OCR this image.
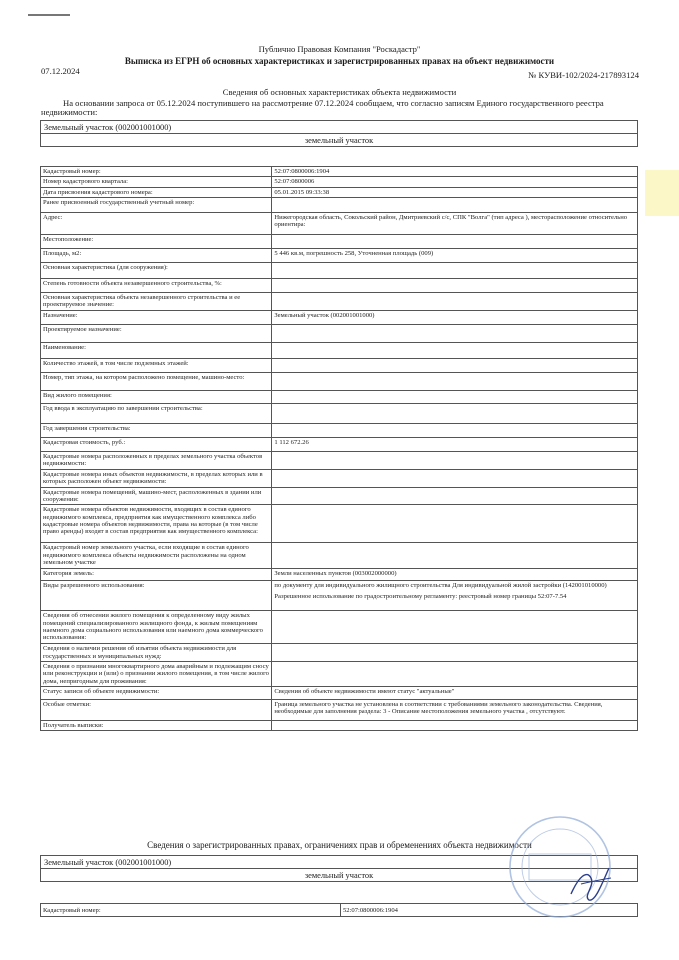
Публично Правовая Компания "Роскадастр"
Выписка из ЕГРН об основных характеристиках и зарегистрированных правах на объект недвижимости
07.12.2024	№ КУВИ-102/2024-217893124
Сведения об основных характеристиках объекта недвижимости
На основании запроса от 05.12.2024 поступившего на рассмотрение 07.12.2024 сообщаем, что согласно записям Единого государственного реестра недвижимости:
Земельный участок (002001001000)
земельный участок
Кадастровый номер:	52:07:0800006:1904
Номер кадастрового квартала:	52:07:0800006
Дата присвоения кадастрового номера:	05.01.2015 09:33:38
Ранее присвоенный государственный учетный номер:	
Адрес:	Нижегородская область, Сокольский район, Дмитриевский с/с, СПК "Волга" (тип адреса ), месторасположение относительно ориентира:
Местоположение:	
Площадь, м2:	5 446 кв.м, погрешность 258, Уточненная площадь (009)
Основная характеристика (для сооружения):	
Степень готовности объекта незавершенного строительства, %:	
Основная характеристика объекта незавершенного строительства и ее проектируемое значение:	
Назначение:	Земельный участок (002001001000)
Проектируемое назначение:	
Наименование:	
Количество этажей, в том числе подземных этажей:	
Номер, тип этажа, на котором расположено помещение, машино-место:	
Вид жилого помещения:	
Год ввода в эксплуатацию по завершении строительства:	
Год завершения строительства:	
Кадастровая стоимость, руб.:	1 112 672.26
Кадастровые номера расположенных в пределах земельного участка объектов недвижимости:	
Кадастровые номера иных объектов недвижимости, в пределах которых или в которых расположен объект недвижимости:	
Кадастровые номера помещений, машино-мест, расположенных в здании или сооружении:	
Кадастровые номера объектов недвижимости, входящих в состав единого недвижимого комплекса, предприятия как имущественного комплекса либо кадастровые номера объектов недвижимости, права на которые (в том числе право аренды) входят в состав предприятия как имущественного комплекса:	
Кадастровый номер земельного участка, если входящие в состав единого недвижимого комплекса объекты недвижимости расположены на одном земельном участке	
Категория земель:	Земли населенных пунктов (003002000000)
Виды разрешенного использования:	по документу для индивидуального жилищного строительства Для индивидуальной жилой застройки (142001010000)
Разрешенное использование по градостроительному регламенту: реестровый номер границы 52:07-7.54

Сведения об отнесении жилого помещения к определенному виду жилых помещений специализированного жилищного фонда, к жилым помещениям наемного дома социального использования или наемного дома коммерческого использования:	
Сведения о наличии решения об изъятии объекта недвижимости для государственных и муниципальных нужд:	
Сведения о признании многоквартирного дома аварийным и подлежащим сносу или реконструкции и (или) о признании жилого помещения, в том числе жилого дома, непригодным для проживания:	
Статус записи об объекте недвижимости:	Сведения об объекте недвижимости имеют статус "актуальные"
Особые отметки:	Граница земельного участка не установлена в соответствии с требованиями земельного законодательства. Сведения, необходимые для заполнения раздела: 3 - Описание местоположения земельного участка , отсутствуют.
Получатель выписки:	
Сведения о зарегистрированных правах, ограничениях прав и обременениях объекта недвижимости
Земельный участок (002001001000)
земельный участок
Кадастровый номер:	52:07:0800006:1904
